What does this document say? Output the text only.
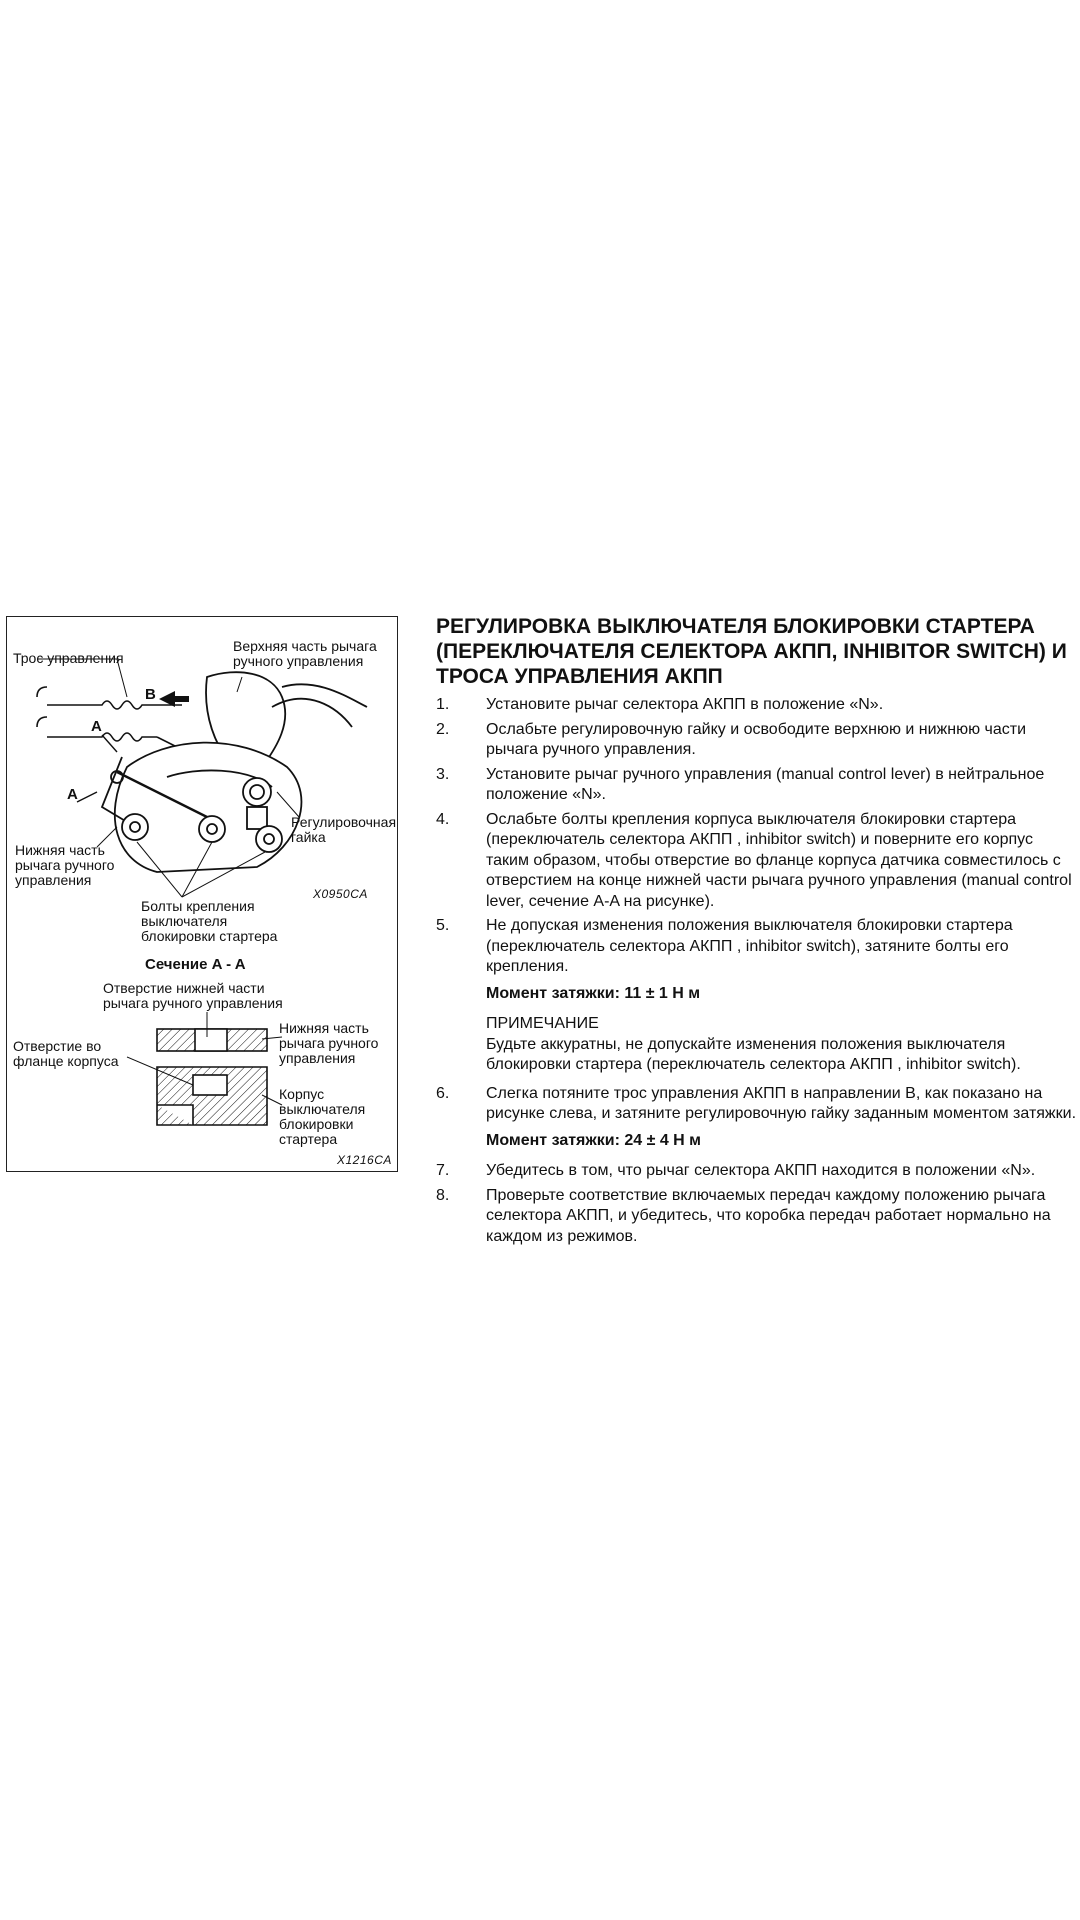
Трос управления
Верхняя часть рычага
ручного управления
B
A
A
Регулировочная
гайка
Нижняя часть
рычага ручного
управления
Болты крепления
выключателя
блокировки стартера
X0950CA
Сечение A - A
Отверстие нижней части
рычага ручного управления
Отверстие во
фланце корпуса
Нижняя часть
рычага ручного
управления
Корпус
выключателя
блокировки
стартера
X1216CA
РЕГУЛИРОВКА ВЫКЛЮЧАТЕЛЯ БЛОКИРОВКИ СТАРТЕРА (ПЕРЕКЛЮЧАТЕЛЯ СЕЛЕКТОРА АКПП, INHIBITOR SWITCH) И ТРОСА УПРАВЛЕНИЯ АКПП
1.	Установите рычаг селектора АКПП в положение «N».
2.	Ослабьте регулировочную гайку и освободите верхнюю и нижнюю части рычага ручного управления.
3.	Установите рычаг ручного управления (manual control lever) в нейтральное положение «N».
4.	Ослабьте болты крепления корпуса выключателя блокировки стартера (переключатель селектора АКПП , inhibitor switch) и поверните его корпус таким образом, чтобы отверстие во фланце корпуса датчика совместилось с отверстием на конце нижней части рычага ручного управления (manual control lever, сечение A-A на рисунке).
5.	Не допуская изменения положения выключателя блокировки стартера (переключатель селектора АКПП , inhibitor switch), затяните болты его крепления.
Момент затяжки: 11 ± 1 Н м
ПРИМЕЧАНИЕ
Будьте аккуратны, не допускайте изменения положения выключателя блокировки стартера (переключатель селектора АКПП , inhibitor switch).
6.	Слегка потяните трос управления АКПП в направлении B, как показано на рисунке слева, и затяните регулировочную гайку заданным моментом затяжки.
Момент затяжки: 24 ± 4 Н м
7.	Убедитесь в том, что рычаг селектора АКПП находится в положении «N».
8.	Проверьте соответствие включаемых передач каждому положению рычага селектора АКПП, и убедитесь, что коробка передач работает нормально на каждом из режимов.
